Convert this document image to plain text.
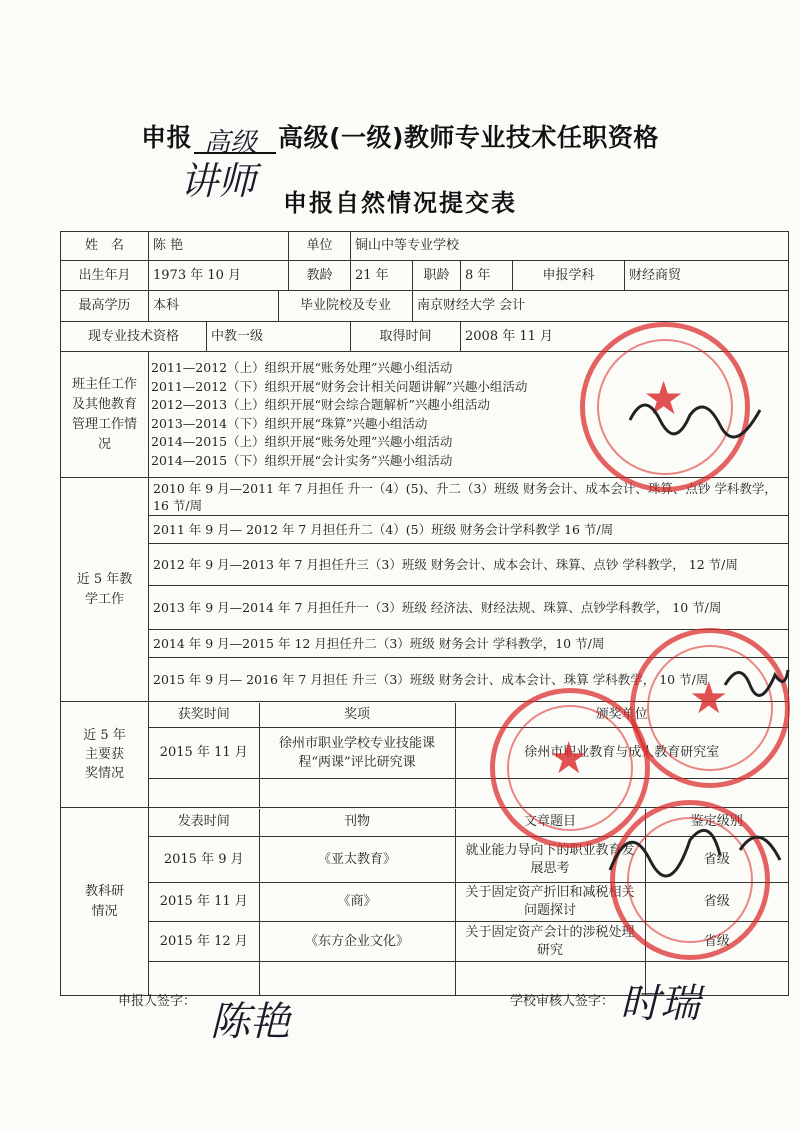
申报 高级 高级(一级)教师专业技术任职资格
讲师	申报自然情况提交表
姓　名	陈 艳	单位	铜山中等专业学校
出生年月	1973 年 10 月	教龄	21 年	职龄	8 年	申报学科	财经商贸
最高学历	本科	毕业院校及专业	南京财经大学 会计
现专业技术资格	中教一级	取得时间	2008 年 11 月
班主任工作及其他教育管理工作情况	
2011—2012（上）组织开展“账务处理”兴趣小组活动
2011—2012（下）组织开展“财务会计相关问题讲解”兴趣小组活动
2012—2013（上）组织开展“财会综合题解析”兴趣小组活动
2013—2014（下）组织开展“珠算”兴趣小组活动
2014—2015（上）组织开展“账务处理”兴趣小组活动
2014—2015（下）组织开展“会计实务”兴趣小组活动

近 5 年教学工作	2010 年 9 月—2011 年 7 月担任 升一（4）(5)、升二（3）班级 财务会计、成本会计、珠算、点钞 学科教学，16 节/周
2011 年 9 月— 2012 年 7 月担任升二（4）(5）班级 财务会计学科教学 16 节/周
2012 年 9 月—2013 年 7 月担任升三（3）班级 财务会计、成本会计、珠算、点钞 学科教学， 12 节/周
2013 年 9 月—2014 年 7 月担任升一（3）班级 经济法、财经法规、珠算、点钞学科教学， 10 节/周
2014 年 9 月—2015 年 12 月担任升二（3）班级 财务会计 学科教学，10 节/周
2015 年 9 月— 2016 年 7 月担任 升三（3）班级 财务会计、成本会计、珠算 学科教学， 10 节/周
近 5 年主要获奖情况	
获奖时间	奖项	颁奖单位
2015 年 11 月	徐州市职业学校专业技能课程“两课”评比研究课	徐州市职业教育与成人教育研究室

教科研情况	
发表时间	刊物	文章题目	鉴定级别
2015 年 9 月	《亚太教育》	就业能力导向下的职业教育发展思考	省级
2015 年 11 月	《商》	关于固定资产折旧和减税相关问题探讨	省级
2015 年 12 月	《东方企业文化》	关于固定资产会计的涉税处理研究	省级

申报人签字： 陈艳	学校审核人签字： 时瑞
★
★
★
